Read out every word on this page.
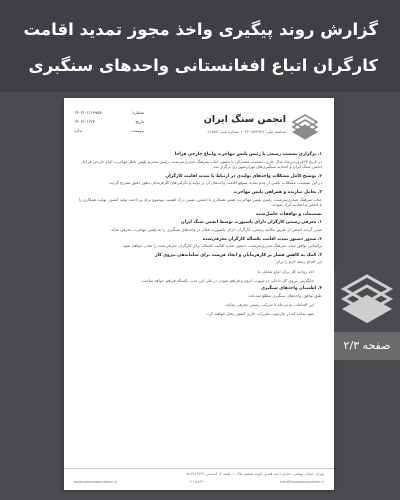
گزارش روند پیگیری واخذ مجوز تمدید اقامت
کارگران اتباع افغانستانی واحدهای سنگبری
انجمن سنگ ایران
شناسه ملی: ۱۰۳۲۰۸۸۹۹۳۸ شماره ثبت: ۲۱۵۸۷
شماره:
۱۴۰۲/۰۱/۱۳۹۵۸
تاریخ:
۱۴۰۲/۰۱/۲۳
پیوست:
ندارد
۱. برگزاری نشست رسمی با رئیس پلیس مهاجرت واتباع خارجی فراجا
در تاریخ ۲۳فروردین‌ماه سال جاری، نشست مشترکی با حضور جناب سرهنگ حیدری‌سرشت، رئیس محترم پلیس ناظر مهاجرت اتباع خارجی فراجا، انجمن سنگ ایران و اتحادیه سنگبری‌های تهران‌شهر ری برگزار شد.
۲. توضیح کامل مشکلات واحدهای تولیدی در ارتباط با تمدید اقامت کارگران
در این نشست، مشکلات ناشی از عدم تمدید بموقع اقامت واحدهای آن بر تولید و نگرانی‌های کارفرمایان بطور دقیق تشریح گردید.
۳. تعامل سازنده و همراهی پلیس مهاجرت
جناب سرهنگ حیدری‌سرشت، رئیس پلیس مهاجرت، ضمن همکاری با انجمن، ضمن درک اهمیت موضوع برای پرداخته، تولید کشور، نهایت همکاری را با انجمن و اتحادیه ابراز نمودند.
تصمیمات و توافقات حاصل‌شده
۱. معرفی رسمی کارگران دارای پاسپورت توسط انجمن سنگ ایران
مقرر گردید انجمن از طریق مکاتبه رسمی، کارگران دارای پاسپورت فعال در واحدهای سنگبری را به پلیس مهاجرت معرفی نماید.
۲. صدور دستور تمدید اقامت یکساله کارگران معرفی‌شده
براساس توافق جناب سرهنگ حیدری‌سرشت، دستور تمدید اقامت یکساله برای کارگران معرفی‌شده را صادر خواهند نمود.
۳. کمک به کاهش فشار بر کارفرمایان و ایجاد فرصت برای ساماندهی نیروی کار
این اقدام زمینه لازم را برای:
اخذ روادید کار برای اتباع شاغل، با
جایگزینی نیروی کار داخلی در صورت لزوم و فراهم نمودن در طی این مدت یکساله فراهم خواهد ساخت.
۴. اطمینان واحدهای سنگبری
طبق توافق، واحدهای سنگبری مطلع شده‌اند:
این اقدامات دو مرحله با شرکت رسمی معرفی نمایند.
تعهد نمایند که در چارچوب مقررات جاری کشور رفتار خواهند کرد.
تهران، خیابان بهشتی، خیابان احمد قصیر، کوچه ششم، پلاک ۱، طبقه ۴، کدپستی ۱۵۱۳۸۱۳۷۴۲
www.stoneassociation.ir	۰۲۱-۸۸۶۲۰۰۰	info@stoneassociation.ir
صفحه ۲/۳
